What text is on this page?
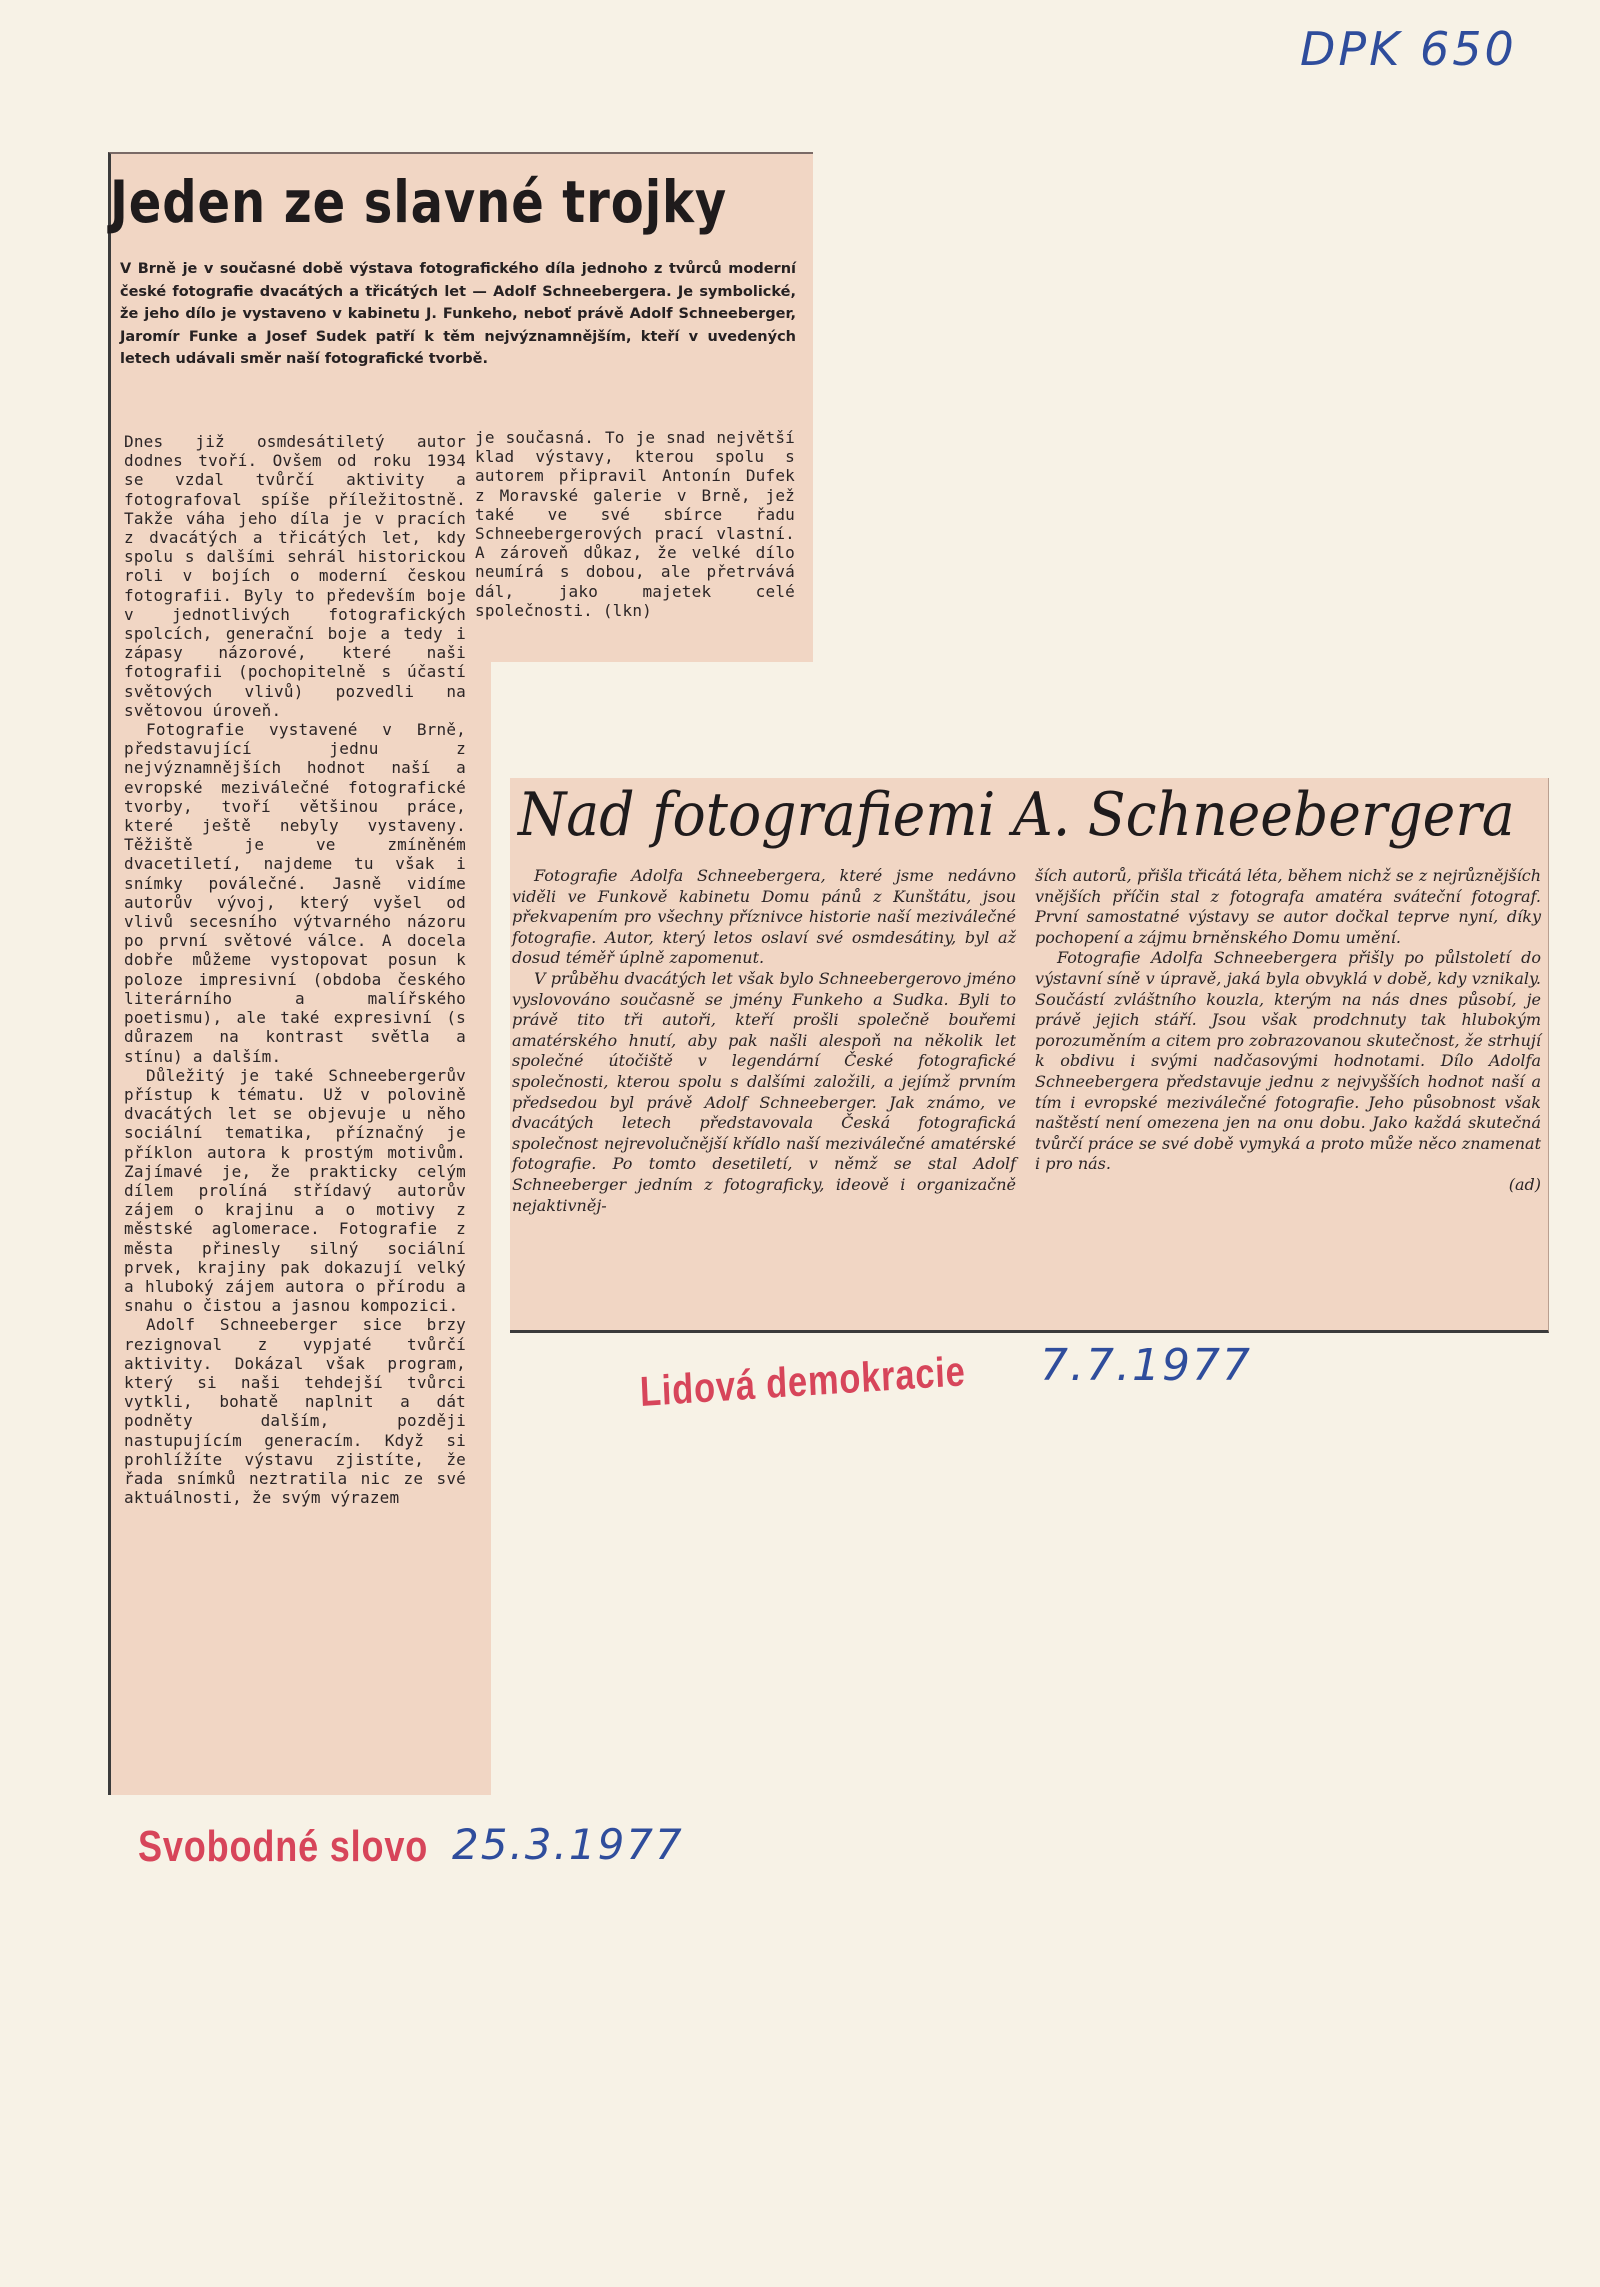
DPK 650
Jeden ze slavné trojky
V Brně je v současné době výstava fotografického díla jednoho z tvůrců moderní české fotografie dvacátých a třicátých let — Adolf Schneebergera. Je symbolické, že jeho dílo je vystaveno v kabinetu J. Funkeho, neboť právě Adolf Schneeberger, Jaromír Funke a Josef Sudek patří k těm nejvýznamnějším, kteří v uvedených letech udávali směr naší fotografické tvorbě.

Dnes již osmdesátiletý autor dodnes tvoří. Ovšem od roku 1934 se vzdal tvůrčí aktivity a fotografoval spíše příležitostně. Takže váha jeho díla je v pracích z dvacátých a třicátých let, kdy spolu s dalšími sehrál historickou roli v bojích o moderní českou fotografii. Byly to především boje v jednotlivých fotografických spolcích, generační boje a tedy i zápasy názorové, které naši fotografii (pochopitelně s účastí světových vlivů) pozvedli na světovou úroveň.

Fotografie vystavené v Brně, představující jednu z nejvýznamnějších hodnot naší a evropské meziválečné fotografické tvorby, tvoří většinou práce, které ještě nebyly vystaveny. Těžiště je ve zmíněném dvacetiletí, najdeme tu však i snímky poválečné. Jasně vidíme autorův vývoj, který vyšel od vlivů secesního výtvarného názoru po první světové válce. A docela dobře můžeme vystopovat posun k poloze impresivní (obdoba českého literárního a malířského poetismu), ale také expresivní (s důrazem na kontrast světla a stínu) a dalším.

Důležitý je také Schneebergerův přístup k tématu. Už v polovině dvacátých let se objevuje u něho sociální tematika, příznačný je příklon autora k prostým motivům. Zajímavé je, že prakticky celým dílem prolíná střídavý autorův zájem o krajinu a o motivy z městské aglomerace. Fotografie z města přinesly silný sociální prvek, krajiny pak dokazují velký a hluboký zájem autora o přírodu a snahu o čistou a jasnou kompozici.

Adolf Schneeberger sice brzy rezignoval z vypjaté tvůrčí aktivity. Dokázal však program, který si naši tehdejší tvůrci vytkli, bohatě naplnit a dát podněty dalším, později nastupujícím generacím. Když si prohlížíte výstavu zjistíte, že řada snímků neztratila nic ze své aktuálnosti, že svým výrazem

je současná. To je snad největší klad výstavy, kterou spolu s autorem připravil Antonín Dufek z Moravské galerie v Brně, jež také ve své sbírce řadu Schneebergerových prací vlastní. A zároveň důkaz, že velké dílo neumírá s dobou, ale přetrvává dál, jako majetek celé společnosti. (lkn)

Svobodné slovo 25.3.1977
Nad fotografiemi A. Schneebergera

Fotografie Adolfa Schneebergera, které jsme nedávno viděli ve Funkově kabinetu Domu pánů z Kunštátu, jsou překvapením pro všechny příznivce historie naší meziválečné fotografie. Autor, který letos oslaví své osmdesátiny, byl až dosud téměř úplně zapomenut.

V průběhu dvacátých let však bylo Schneebergerovo jméno vyslovováno současně se jmény Funkeho a Sudka. Byli to právě tito tři autoři, kteří prošli společně bouřemi amatérského hnutí, aby pak našli alespoň na několik let společné útočiště v legendární České fotografické společnosti, kterou spolu s dalšími založili, a jejímž prvním předsedou byl právě Adolf Schneeberger. Jak známo, ve dvacátých letech představovala Česká fotografická společnost nejrevolučnější křídlo naší meziválečné amatérské fotografie. Po tomto desetiletí, v němž se stal Adolf Schneeberger jedním z fotograficky, ideově i organizačně nejaktivněj-

ších autorů, přišla třicátá léta, během nichž se z nejrůznějších vnějších příčin stal z fotografa amatéra sváteční fotograf. První samostatné výstavy se autor dočkal teprve nyní, díky pochopení a zájmu brněnského Domu umění.

Fotografie Adolfa Schneebergera přišly po půlstoletí do výstavní síně v úpravě, jaká byla obvyklá v době, kdy vznikaly. Součástí zvláštního kouzla, kterým na nás dnes působí, je právě jejich stáří. Jsou však prodchnuty tak hlubokým porozuměním a citem pro zobrazovanou skutečnost, že strhují k obdivu i svými nadčasovými hodnotami. Dílo Adolfa Schneebergera představuje jednu z nejvyšších hodnot naší a tím i evropské meziválečné fotografie. Jeho působnost však naštěstí není omezena jen na onu dobu. Jako každá skutečná tvůrčí práce se své době vymyká a proto může něco znamenat i pro nás.

(ad)

Lidová demokracie 7.7.1977
